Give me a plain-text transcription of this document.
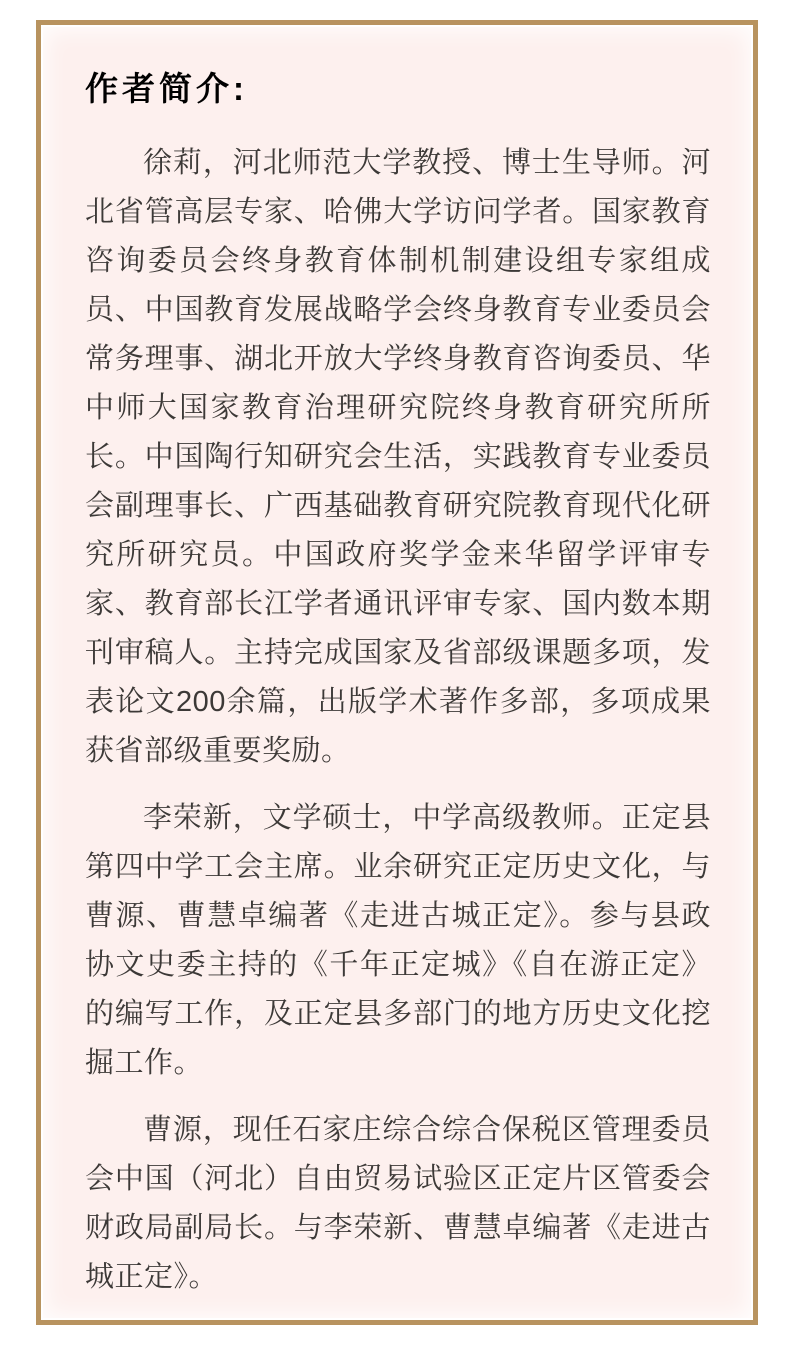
作者简介:

徐莉，河北师范大学教授、博士生导师。河北省管高层专家、哈佛大学访问学者。国家教育咨询委员会终身教育体制机制建设组专家组成员、中国教育发展战略学会终身教育专业委员会常务理事、湖北开放大学终身教育咨询委员、华中师大国家教育治理研究院终身教育研究所所长。中国陶行知研究会生活，实践教育专业委员会副理事长、广西基础教育研究院教育现代化研究所研究员。中国政府奖学金来华留学评审专家、教育部长江学者通讯评审专家、国内数本期刊审稿人。主持完成国家及省部级课题多项，发表论文200余篇，出版学术著作多部，多项成果获省部级重要奖励。

李荣新，文学硕士，中学高级教师。正定县第四中学工会主席。业余研究正定历史文化，与曹源、曹慧卓编著《走进古城正定》。参与县政协文史委主持的《千年正定城》《自在游正定》的编写工作，及正定县多部门的地方历史文化挖掘工作。

曹源，现任石家庄综合综合保税区管理委员会中国（河北）自由贸易试验区正定片区管委会财政局副局长。与李荣新、曹慧卓编著《走进古城正定》。
